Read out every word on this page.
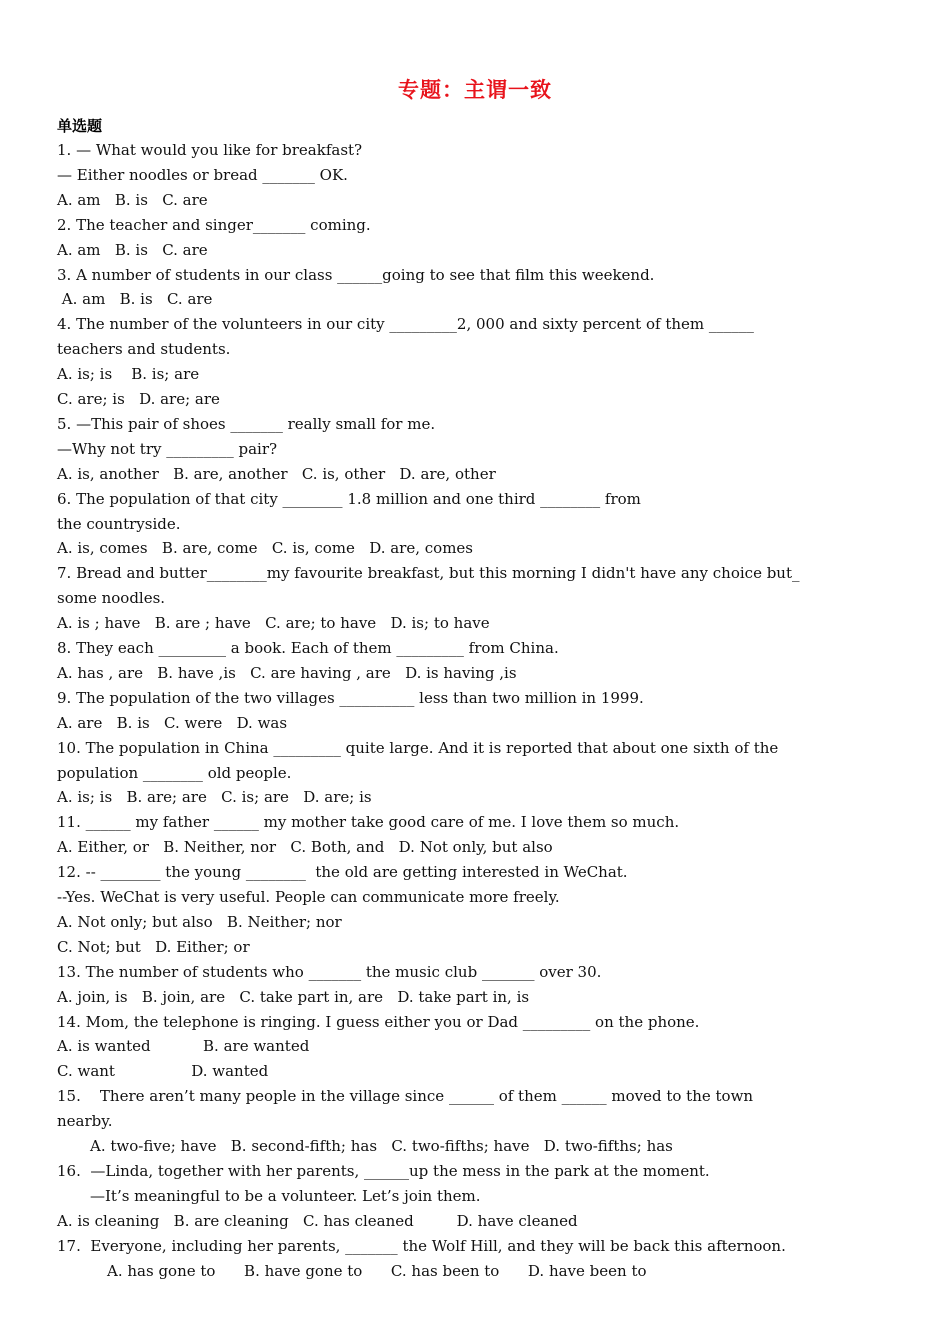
专题：主谓一致
单选题
1. — What would you like for breakfast?
— Either noodles or bread _______ OK.
A. am   B. is   C. are
2. The teacher and singer_______ coming.
A. am   B. is   C. are
3. A number of students in our class ______going to see that film this weekend.
A. am   B. is   C. are
4. The number of the volunteers in our city _________2, 000 and sixty percent of them ______
teachers and students.
A. is; is    B. is; are
C. are; is   D. are; are
5. —This pair of shoes _______ really small for me.
—Why not try _________ pair?
A. is, another   B. are, another   C. is, other   D. are, other
6. The population of that city ________ 1.8 million and one third ________ from
the countryside.
A. is, comes   B. are, come   C. is, come   D. are, comes
7. Bread and butter________my favourite breakfast, but this morning I didn't have any choice but_
some noodles.
A. is ; have   B. are ; have   C. are; to have   D. is; to have
8. They each _________ a book. Each of them _________ from China.
A. has , are   B. have ,is   C. are having , are   D. is having ,is
9. The population of the two villages __________ less than two million in 1999.
A. are   B. is   C. were   D. was
10. The population in China _________ quite large. And it is reported that about one sixth of the
population ________ old people.
A. is; is   B. are; are   C. is; are   D. are; is
11. ______ my father ______ my mother take good care of me. I love them so much.
A. Either, or   B. Neither, nor   C. Both, and   D. Not only, but also
12. -- ________ the young ________  the old are getting interested in WeChat.
--Yes. WeChat is very useful. People can communicate more freely.
A. Not only; but also   B. Neither; nor
C. Not; but   D. Either; or
13. The number of students who _______ the music club _______ over 30.
A. join, is   B. join, are   C. take part in, are   D. take part in, is
14. Mom, the telephone is ringing. I guess either you or Dad _________ on the phone.
A. is wanted           B. are wanted
C. want                D. wanted
15.    There aren’t many people in the village since ______ of them ______ moved to the town
nearby.
A. two-five; have   B. second-fifth; has   C. two-fifths; have   D. two-fifths; has
16.  —Linda, together with her parents, ______up the mess in the park at the moment.
—It’s meaningful to be a volunteer. Let’s join them.
A. is cleaning   B. are cleaning   C. has cleaned         D. have cleaned
17.  Everyone, including her parents, _______ the Wolf Hill, and they will be back this afternoon.
A. has gone to      B. have gone to      C. has been to      D. have been to
